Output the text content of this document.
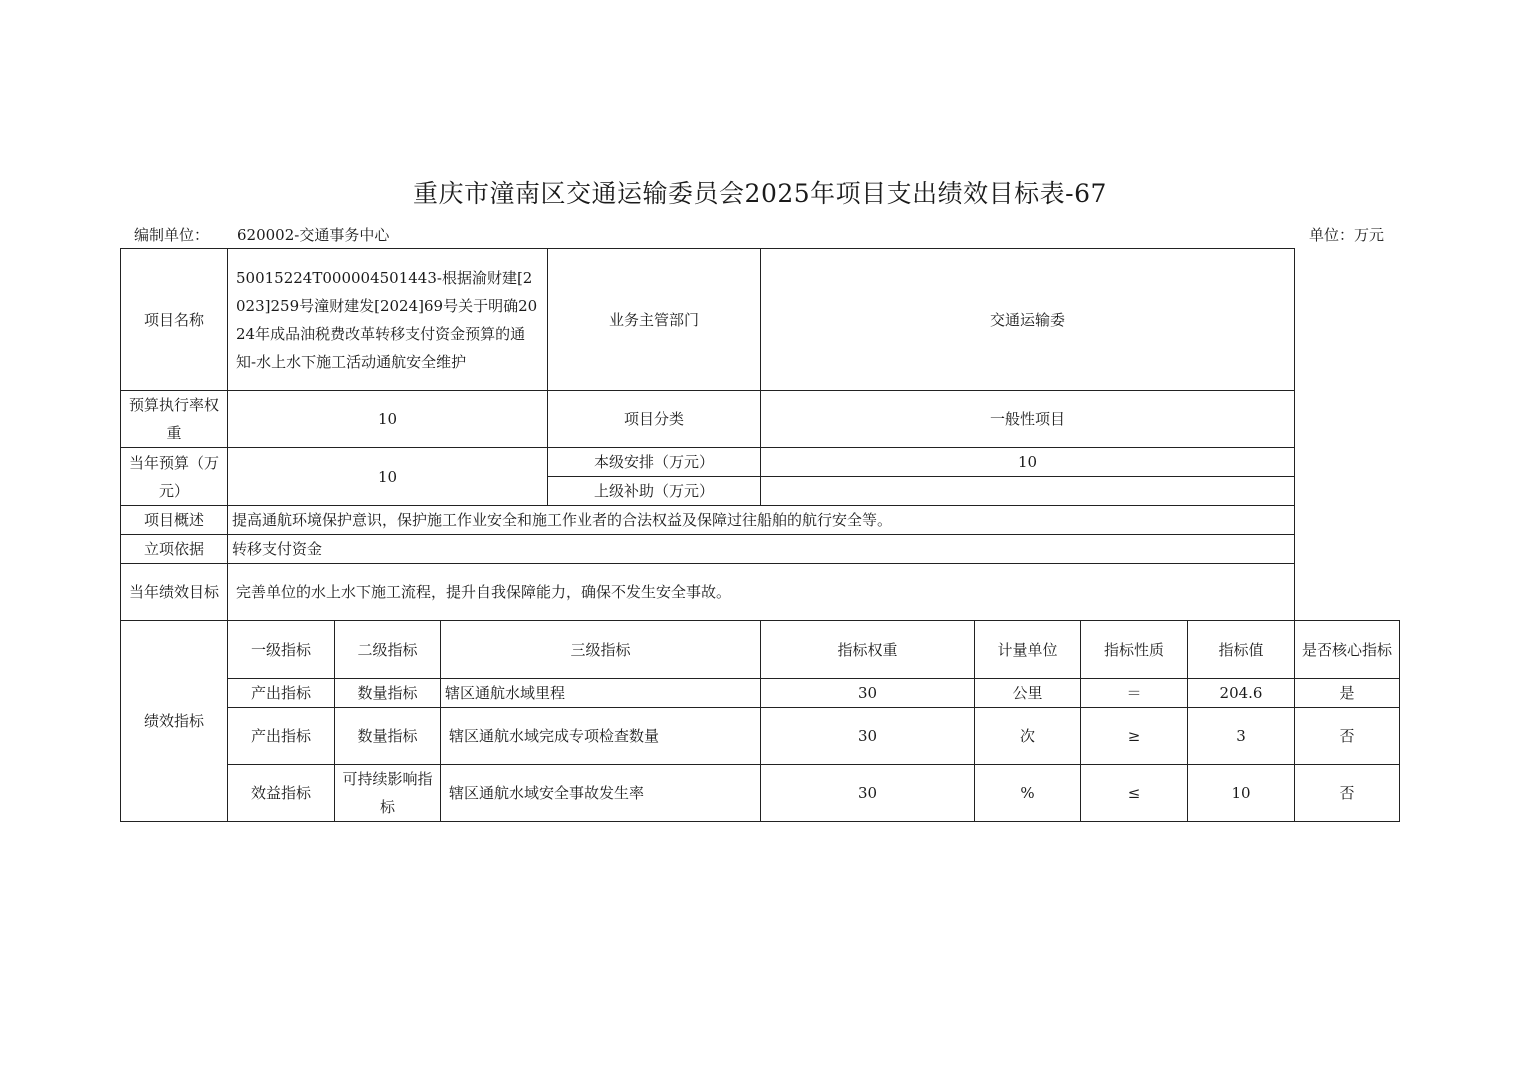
重庆市潼南区交通运输委员会2025年项目支出绩效目标表-67
编制单位： 620002-交通事务中心	单位：万元
项目名称	50015224T000004501443-根据渝财建[2023]259号潼财建发[2024]69号关于明确2024年成品油税费改革转移支付资金预算的通知-水上水下施工活动通航安全维护			业务主管部门	交通运输委				
预算执行率权重	10			项目分类	一般性项目				
当年预算（万元）	10			本级安排（万元）	10				
				上级补助（万元）					
项目概述	提高通航环境保护意识，保护施工作业安全和施工作业者的合法权益及保障过往船舶的航行安全等。								
立项依据	转移支付资金								
当年绩效目标	完善单位的水上水下施工流程，提升自我保障能力，确保不发生安全事故。								
绩效指标	一级指标	二级指标	三级指标		指标权重	计量单位	指标性质	指标值	是否核心指标
	产出指标	数量指标	辖区通航水域里程		30	公里	＝	204.6	是
	产出指标	数量指标	辖区通航水域完成专项检查数量		30	次	≥	3	否
	效益指标	可持续影响指标	辖区通航水域安全事故发生率		30	%	≤	10	否
